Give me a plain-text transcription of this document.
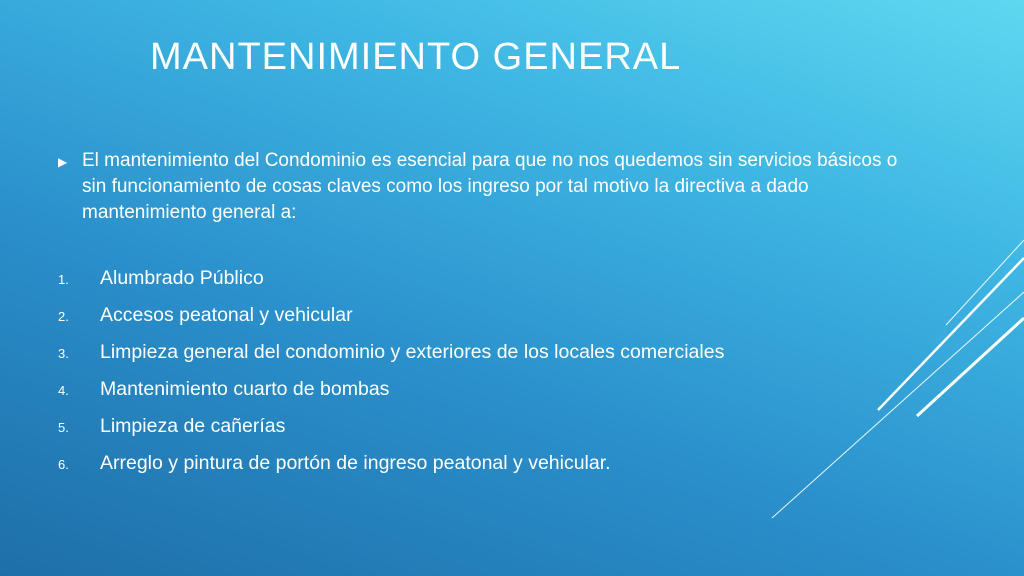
MANTENIMIENTO GENERAL
▶ El mantenimiento del Condominio es esencial para que no nos quedemos sin servicios básicos o sin funcionamiento de cosas claves como los ingreso por tal motivo la directiva a dado mantenimiento general a:
1.	Alumbrado Público
2.	Accesos peatonal y vehicular
3.	Limpieza general del condominio y exteriores de los locales comerciales
4.	Mantenimiento cuarto de bombas
5.	Limpieza de cañerías
6.	Arreglo y pintura de portón de ingreso peatonal y vehicular.
